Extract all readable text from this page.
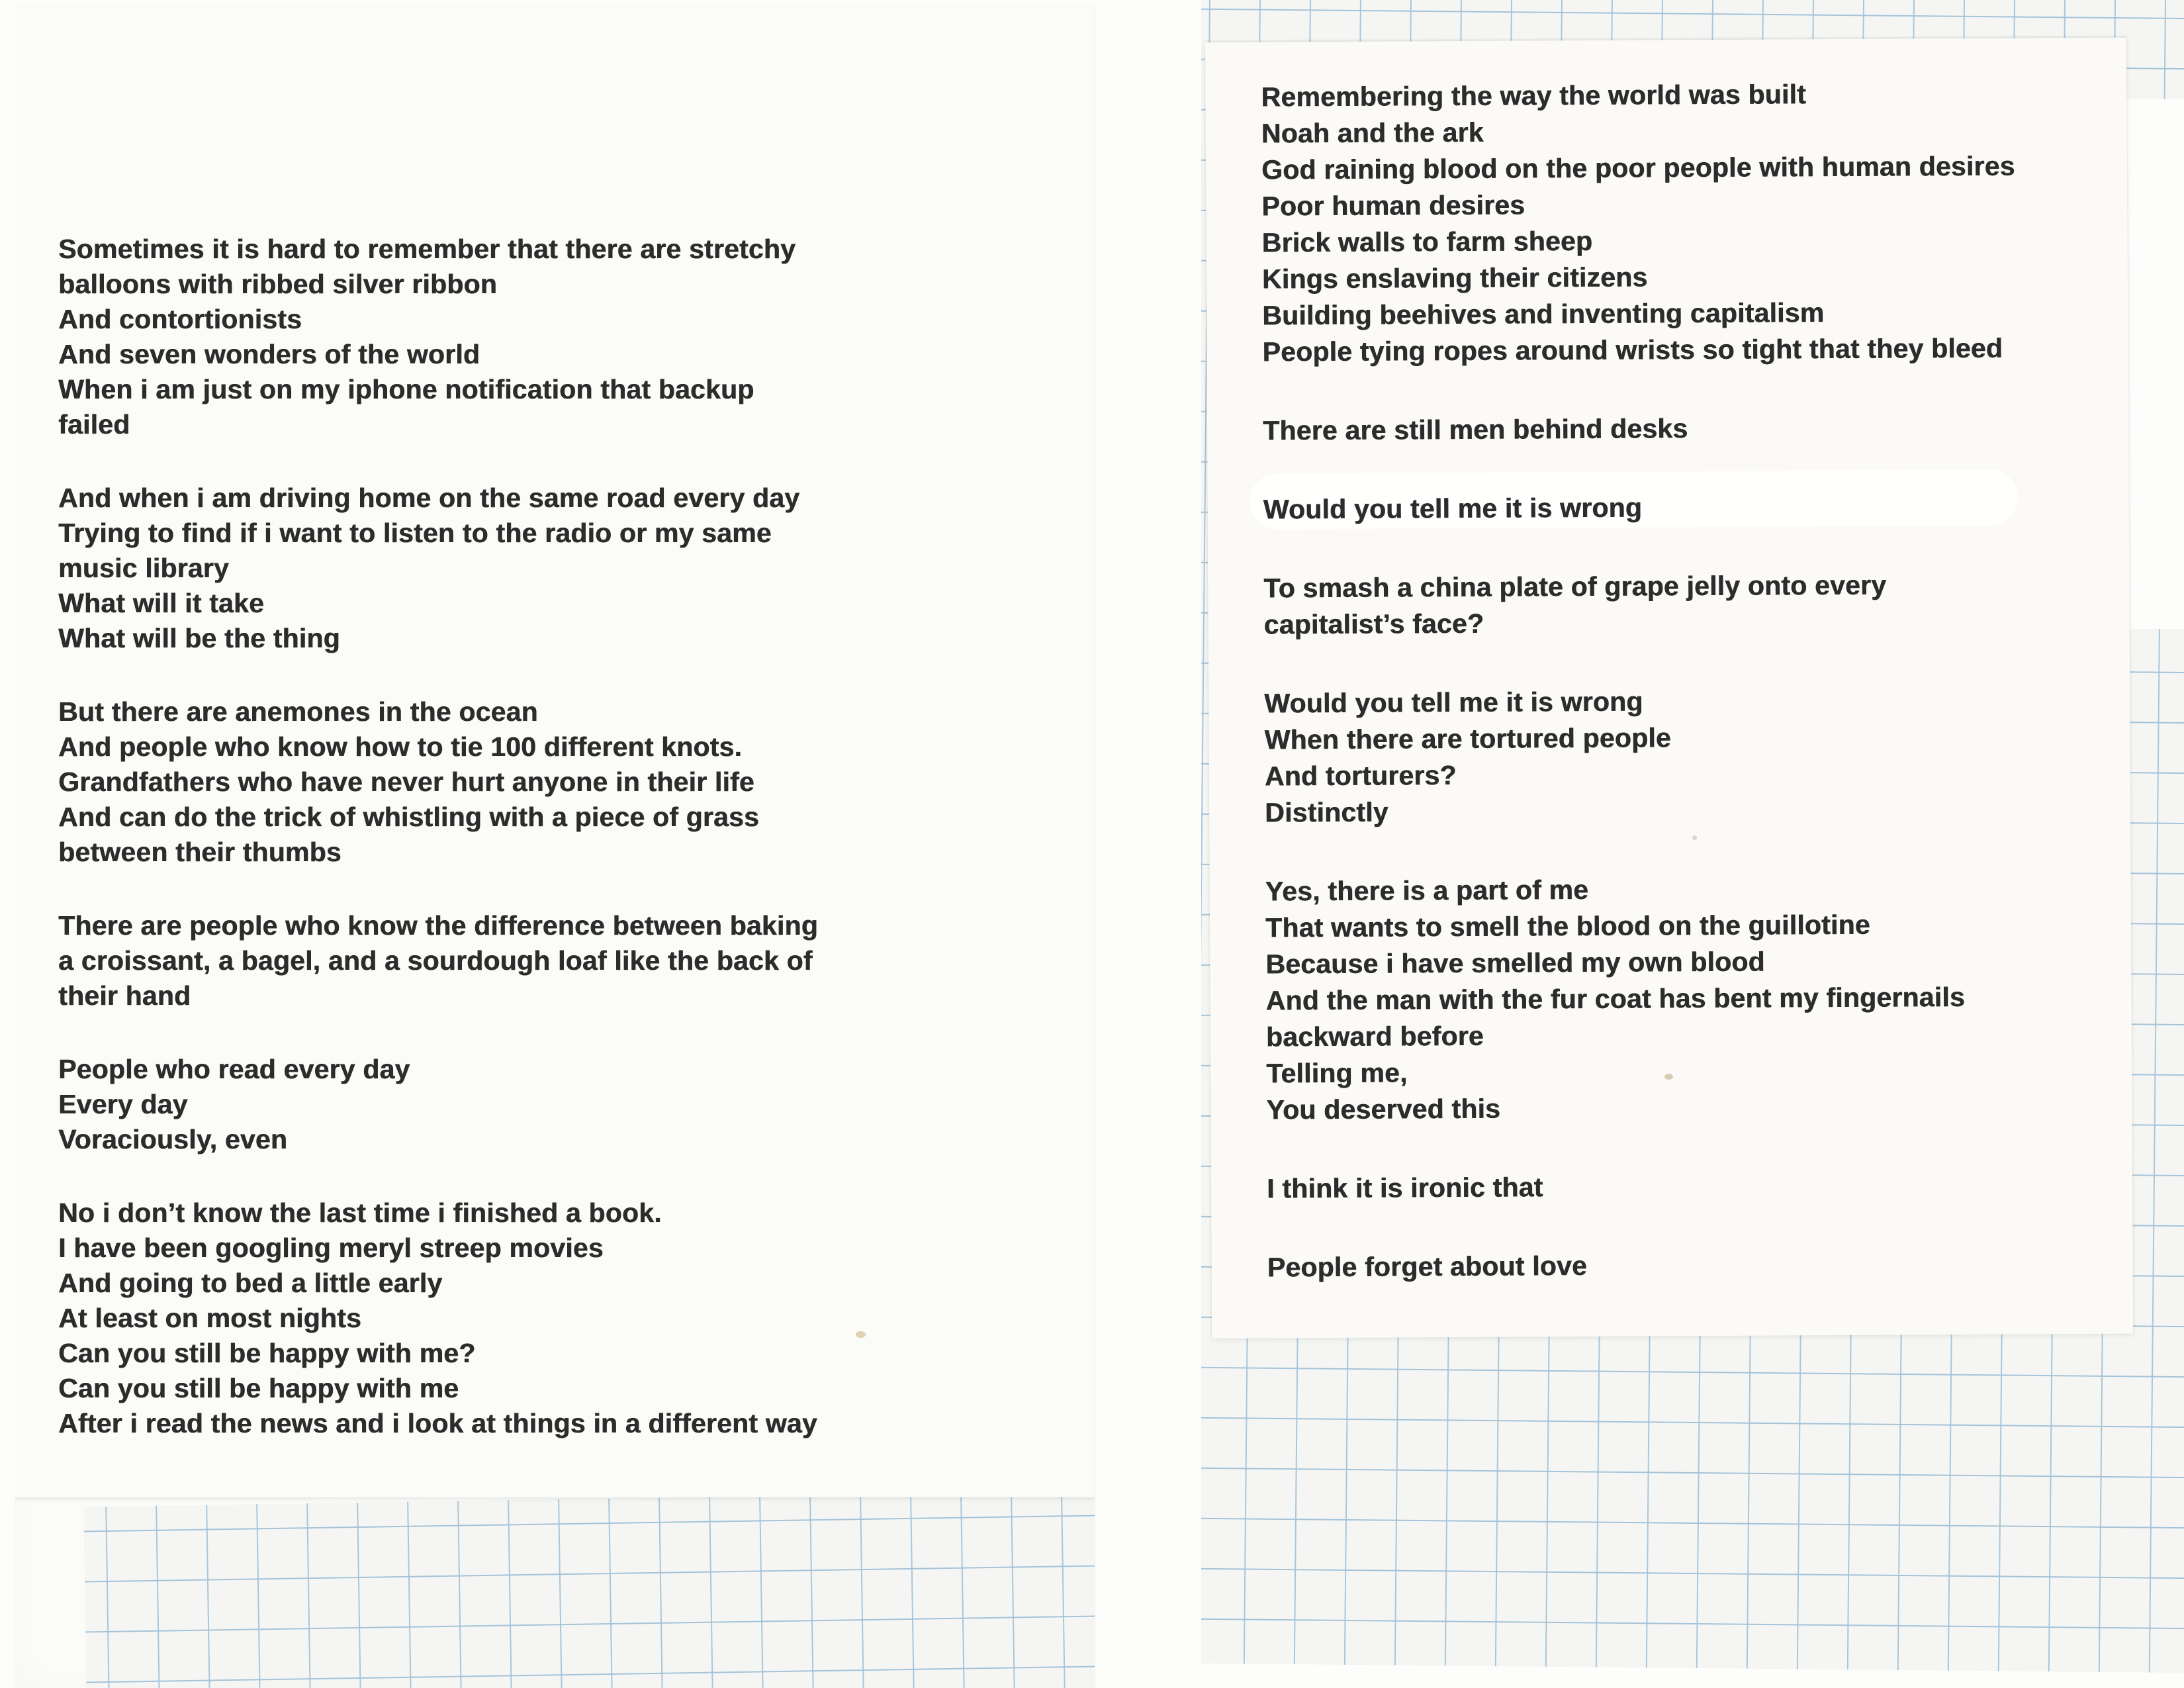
Sometimes it is hard to remember that there are stretchy
balloons with ribbed silver ribbon
And contortionists
And seven wonders of the world
When i am just on my iphone notification that backup
failed
And when i am driving home on the same road every day
Trying to find if i want to listen to the radio or my same
music library
What will it take
What will be the thing
But there are anemones in the ocean
And people who know how to tie 100 different knots.
Grandfathers who have never hurt anyone in their life
And can do the trick of whistling with a piece of grass
between their thumbs
There are people who know the difference between baking
a croissant, a bagel, and a sourdough loaf like the back of
their hand
People who read every day
Every day
Voraciously, even
No i don’t know the last time i finished a book.
I have been googling meryl streep movies
And going to bed a little early
At least on most nights
Can you still be happy with me?
Can you still be happy with me
After i read the news and i look at things in a different way
Remembering the way the world was built
Noah and the ark
God raining blood on the poor people with human desires
Poor human desires
Brick walls to farm sheep
Kings enslaving their citizens
Building beehives and inventing capitalism
People tying ropes around wrists so tight that they bleed
There are still men behind desks
Would you tell me it is wrong
To smash a china plate of grape jelly onto every
capitalist’s face?
Would you tell me it is wrong
When there are tortured people
And torturers?
Distinctly
Yes, there is a part of me
That wants to smell the blood on the guillotine
Because i have smelled my own blood
And the man with the fur coat has bent my fingernails
backward before
Telling me,
You deserved this
I think it is ironic that
People forget about love
